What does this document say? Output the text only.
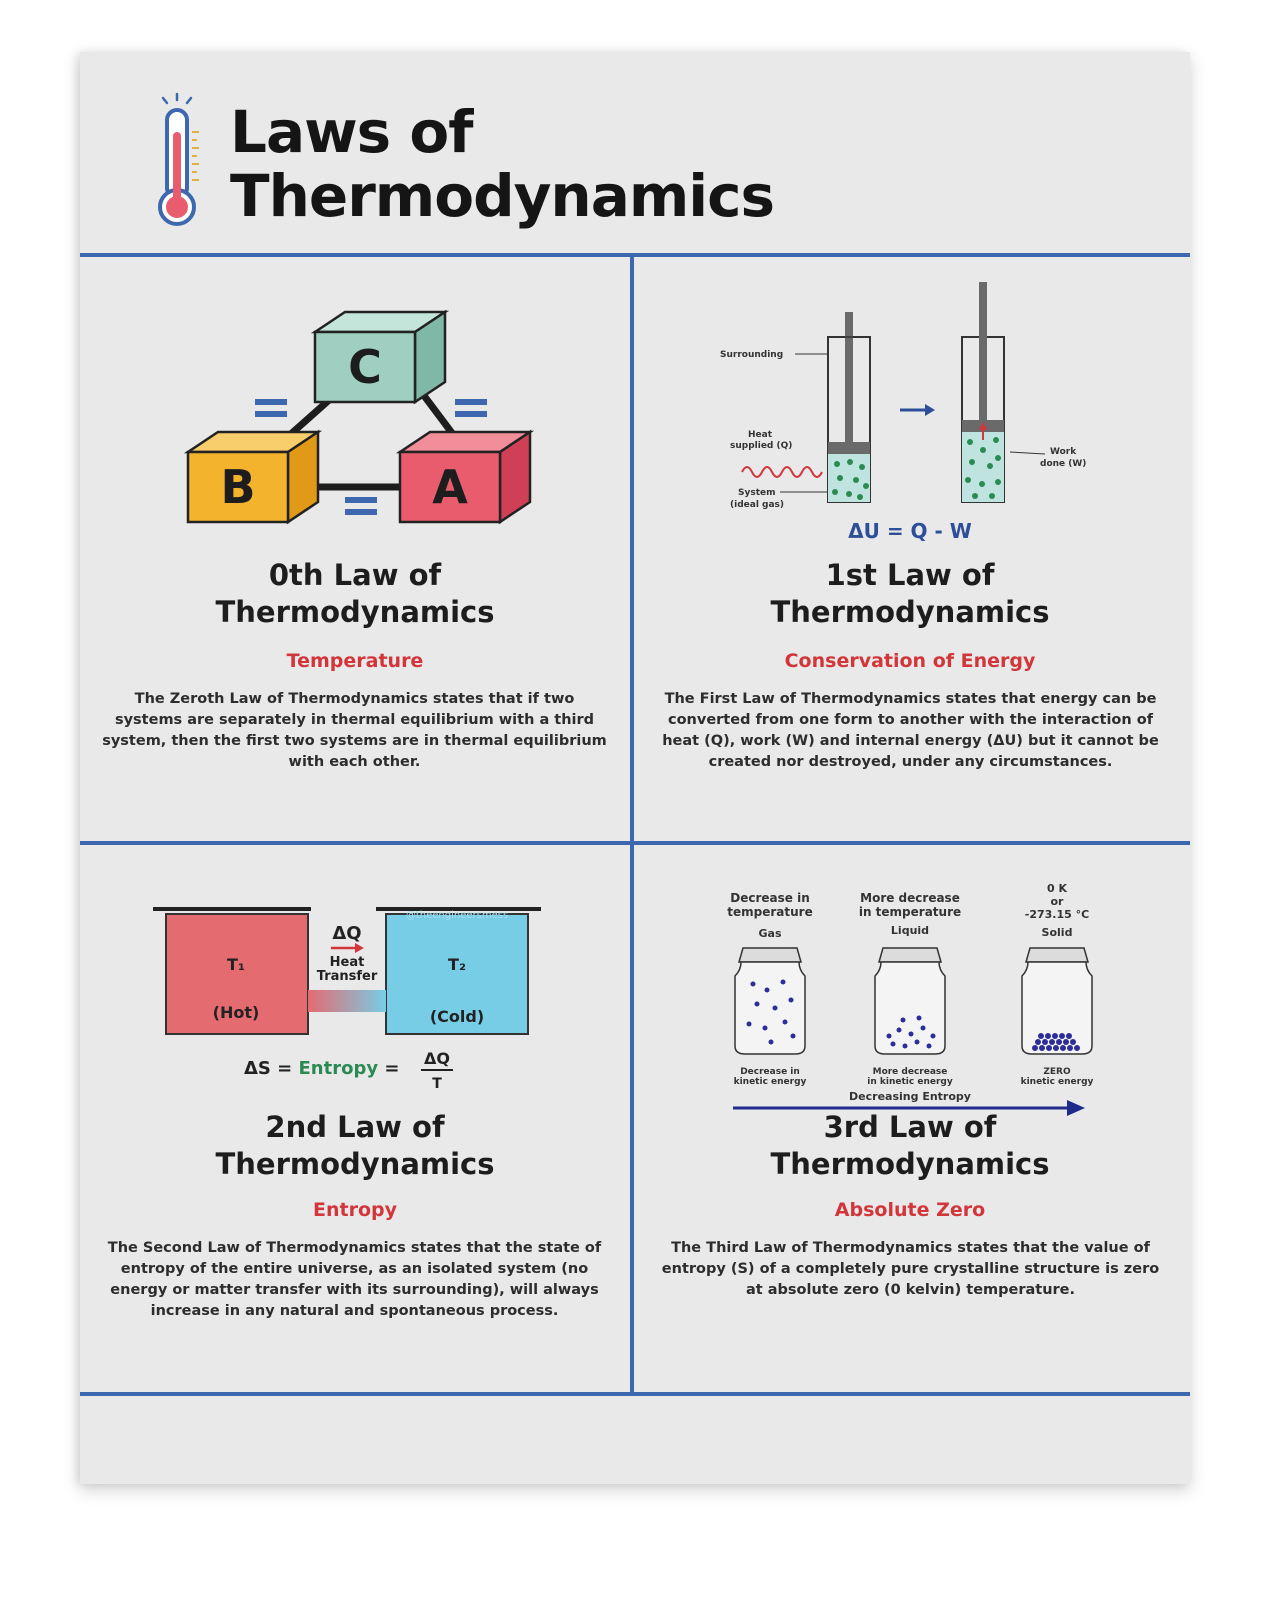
Laws of
Thermodynamics
C
B	A
0th Law of
Thermodynamics
Temperature
The Zeroth Law of Thermodynamics states that if two systems are separately in thermal equilibrium with a third system, then the first two systems are in thermal equilibrium with each other.
Surrounding
Heat
supplied (Q)
System
(ideal gas)
Work
done (W)
ΔU = Q - W
1st Law of
Thermodynamics
Conservation of Energy
The First Law of Thermodynamics states that energy can be converted from one form to another with the interaction of heat (Q), work (W) and internal energy (ΔU) but it cannot be created nor destroyed, under any circumstances.
@theengineersmess
T₁
(Hot)
T₂
(Cold)
ΔQ
Heat
Transfer
ΔS = Entropy = ΔQ
T
2nd Law of
Thermodynamics
Entropy
The Second Law of Thermodynamics states that the state of entropy of the entire universe, as an isolated system (no energy or matter transfer with its surrounding), will always increase in any natural and spontaneous process.
Decrease in
temperature
Gas
More decrease
in temperature
Liquid
0 K
or
-273.15 °C
Solid
Decrease in
kinetic energy
More decrease
in kinetic energy
ZERO
kinetic energy
Decreasing Entropy
3rd Law of
Thermodynamics
Absolute Zero
The Third Law of Thermodynamics states that the value of entropy (S) of a completely pure crystalline structure is zero at absolute zero (0 kelvin) temperature.
